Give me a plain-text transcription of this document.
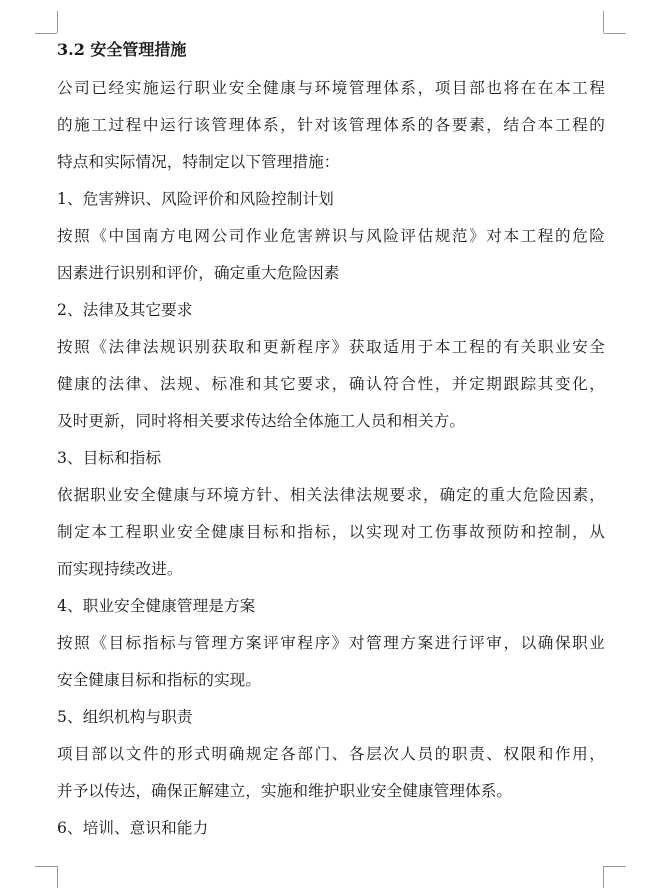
3.2 安全管理措施
公司已经实施运行职业安全健康与环境管理体系，项目部也将在在本工程
的施工过程中运行该管理体系，针对该管理体系的各要素，结合本工程的
特点和实际情况，特制定以下管理措施：
1、危害辨识、风险评价和风险控制计划
按照《中国南方电网公司作业危害辨识与风险评估规范》对本工程的危险
因素进行识别和评价，确定重大危险因素
2、法律及其它要求
按照《法律法规识别获取和更新程序》获取适用于本工程的有关职业安全
健康的法律、法规、标准和其它要求，确认符合性，并定期跟踪其变化，
及时更新，同时将相关要求传达给全体施工人员和相关方。
3、目标和指标
依据职业安全健康与环境方针、相关法律法规要求，确定的重大危险因素，
制定本工程职业安全健康目标和指标，以实现对工伤事故预防和控制，从
而实现持续改进。
4、职业安全健康管理是方案
按照《目标指标与管理方案评审程序》对管理方案进行评审，以确保职业
安全健康目标和指标的实现。
5、组织机构与职责
项目部以文件的形式明确规定各部门、各层次人员的职责、权限和作用，
并予以传达，确保正解建立，实施和维护职业安全健康管理体系。
6、培训、意识和能力
